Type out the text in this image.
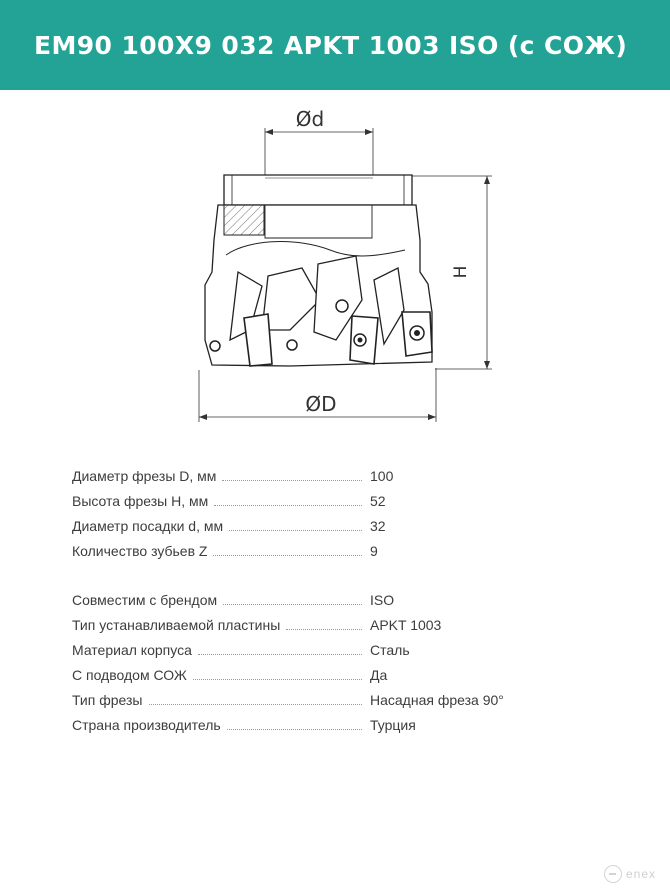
EM90 100X9 032 APKT 1003 ISO (с СОЖ)
Ød
H
ØD
Диаметр фрезы D, мм	100
Высота фрезы H, мм	52
Диаметр посадки d, мм	32
Количество зубьев Z	9
Совместим с брендом	ISO
Тип устанавливаемой пластины	APKT 1003
Материал корпуса	Сталь
С подводом СОЖ	Да
Тип фрезы	Насадная фреза 90°
Страна производитель	Турция
enex
